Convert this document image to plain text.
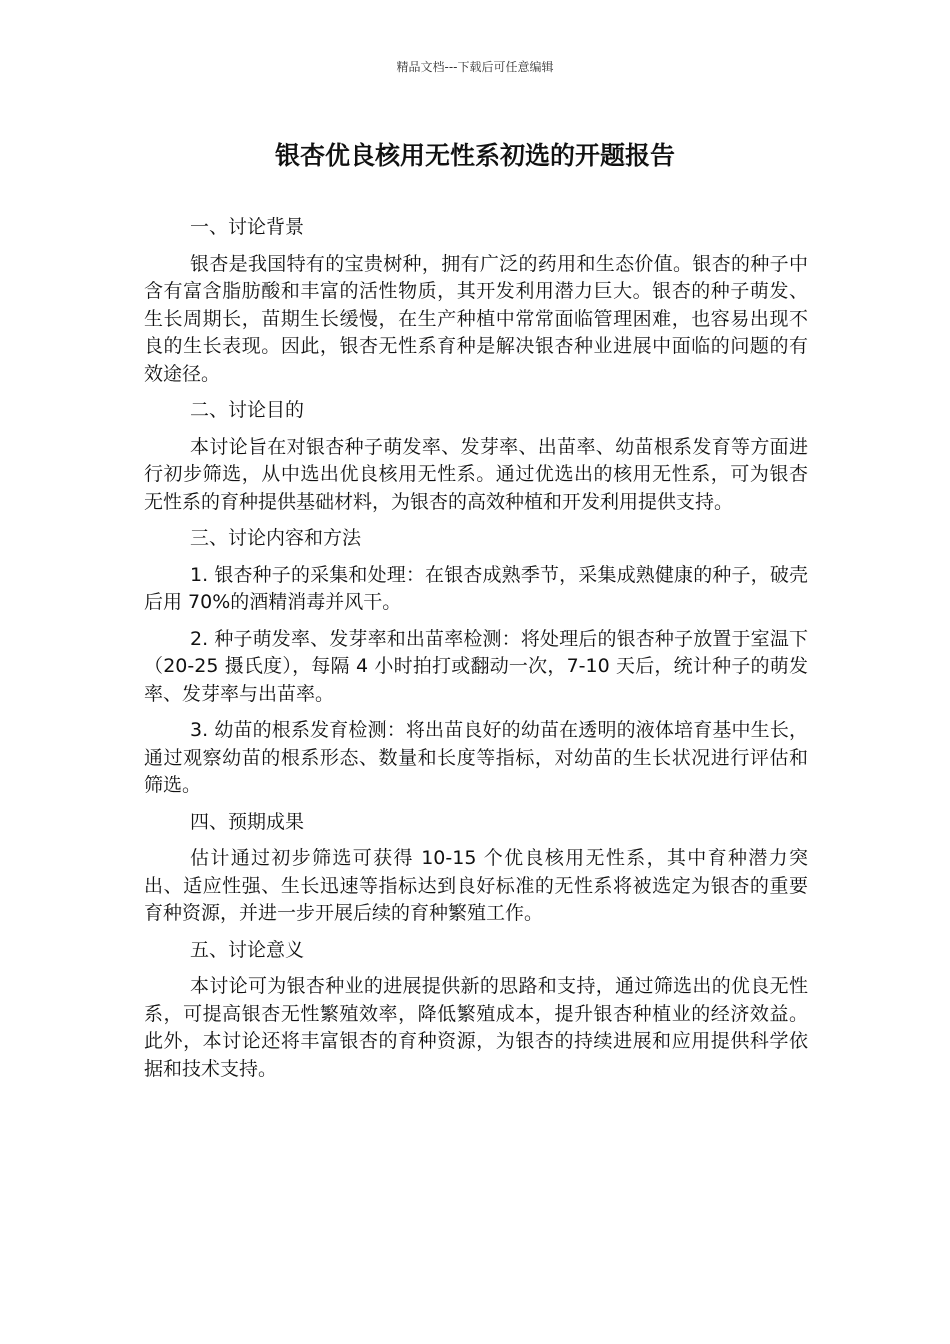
精品文档---下载后可任意编辑
银杏优良核用无性系初选的开题报告
一、讨论背景
银杏是我国特有的宝贵树种，拥有广泛的药用和生态价值。银杏的种子中含有富含脂肪酸和丰富的活性物质，其开发利用潜力巨大。银杏的种子萌发、生长周期长，苗期生长缓慢，在生产种植中常常面临管理困难，也容易出现不良的生长表现。因此，银杏无性系育种是解决银杏种业进展中面临的问题的有效途径。
二、讨论目的
本讨论旨在对银杏种子萌发率、发芽率、出苗率、幼苗根系发育等方面进行初步筛选，从中选出优良核用无性系。通过优选出的核用无性系，可为银杏无性系的育种提供基础材料，为银杏的高效种植和开发利用提供支持。
三、讨论内容和方法
1. 银杏种子的采集和处理：在银杏成熟季节，采集成熟健康的种子，破壳后用 70%的酒精消毒并风干。
2. 种子萌发率、发芽率和出苗率检测：将处理后的银杏种子放置于室温下（20-25 摄氏度），每隔 4 小时拍打或翻动一次，7-10 天后，统计种子的萌发率、发芽率与出苗率。
3. 幼苗的根系发育检测：将出苗良好的幼苗在透明的液体培育基中生长，通过观察幼苗的根系形态、数量和长度等指标，对幼苗的生长状况进行评估和筛选。
四、预期成果
估计通过初步筛选可获得 10-15 个优良核用无性系，其中育种潜力突出、适应性强、生长迅速等指标达到良好标准的无性系将被选定为银杏的重要育种资源，并进一步开展后续的育种繁殖工作。
五、讨论意义
本讨论可为银杏种业的进展提供新的思路和支持，通过筛选出的优良无性系，可提高银杏无性繁殖效率，降低繁殖成本，提升银杏种植业的经济效益。此外，本讨论还将丰富银杏的育种资源，为银杏的持续进展和应用提供科学依据和技术支持。
